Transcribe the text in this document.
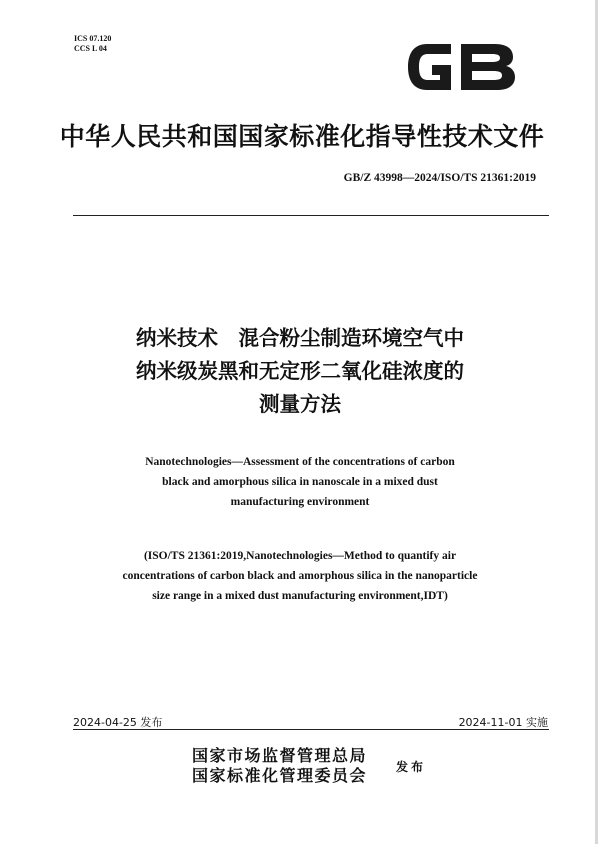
ICS 07.120
CCS L 04
GB
中华人民共和国国家标准化指导性技术文件
GB/Z 43998—2024/ISO/TS 21361:2019
纳米技术　混合粉尘制造环境空气中
纳米级炭黑和无定形二氧化硅浓度的
测量方法
Nanotechnologies—Assessment of the concentrations of carbon
black and amorphous silica in nanoscale in a mixed dust
manufacturing environment
(ISO/TS 21361:2019,Nanotechnologies—Method to quantify air
concentrations of carbon black and amorphous silica in the nanoparticle
size range in a mixed dust manufacturing environment,IDT)
2024-04-25 发布	2024-11-01 实施
国家市场监督管理总局
国家标准化管理委员会 发布
